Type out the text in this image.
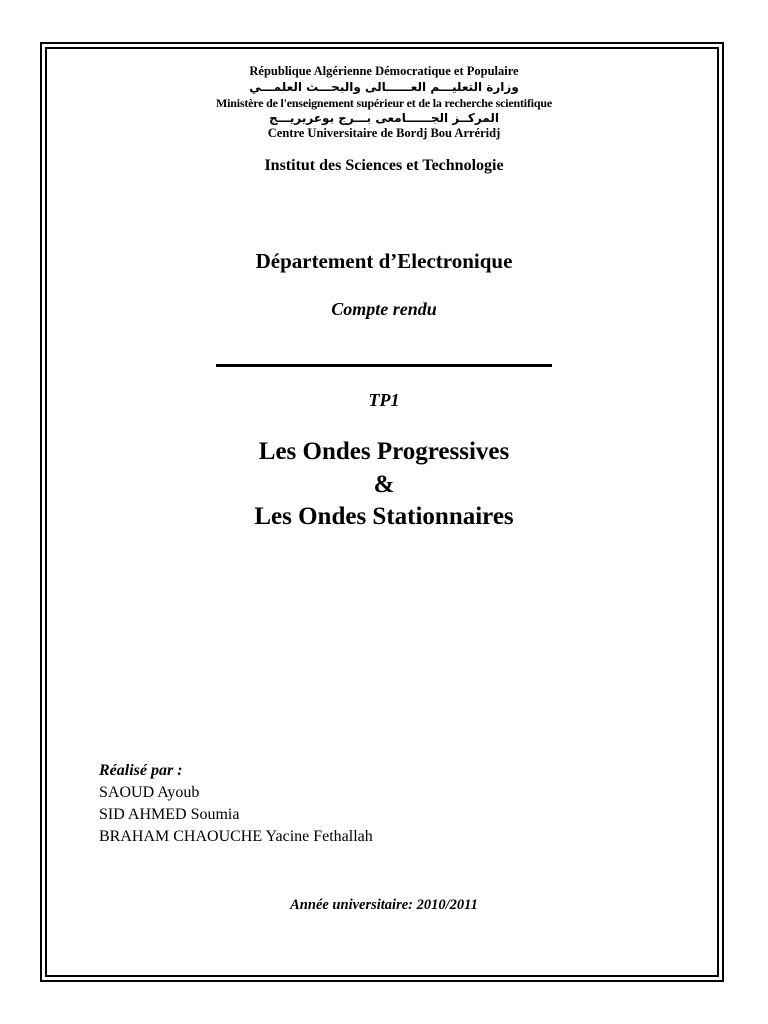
République Algérienne Démocratique et Populaire
وزارة التعليـــم العــــــالى والبحـــث العلمـــي
Ministère de l'enseignement supérieur et de la recherche scientifique
المركــز الجــــــامعى بـــرج بوعريريـــج
Centre Universitaire de Bordj Bou Arréridj
Institut des Sciences et Technologie
Département d’Electronique
Compte rendu
TP1
Les Ondes Progressives
&
Les Ondes Stationnaires
Réalisé par :
SAOUD Ayoub
SID AHMED Soumia
BRAHAM CHAOUCHE Yacine Fethallah
Année universitaire: 2010/2011
